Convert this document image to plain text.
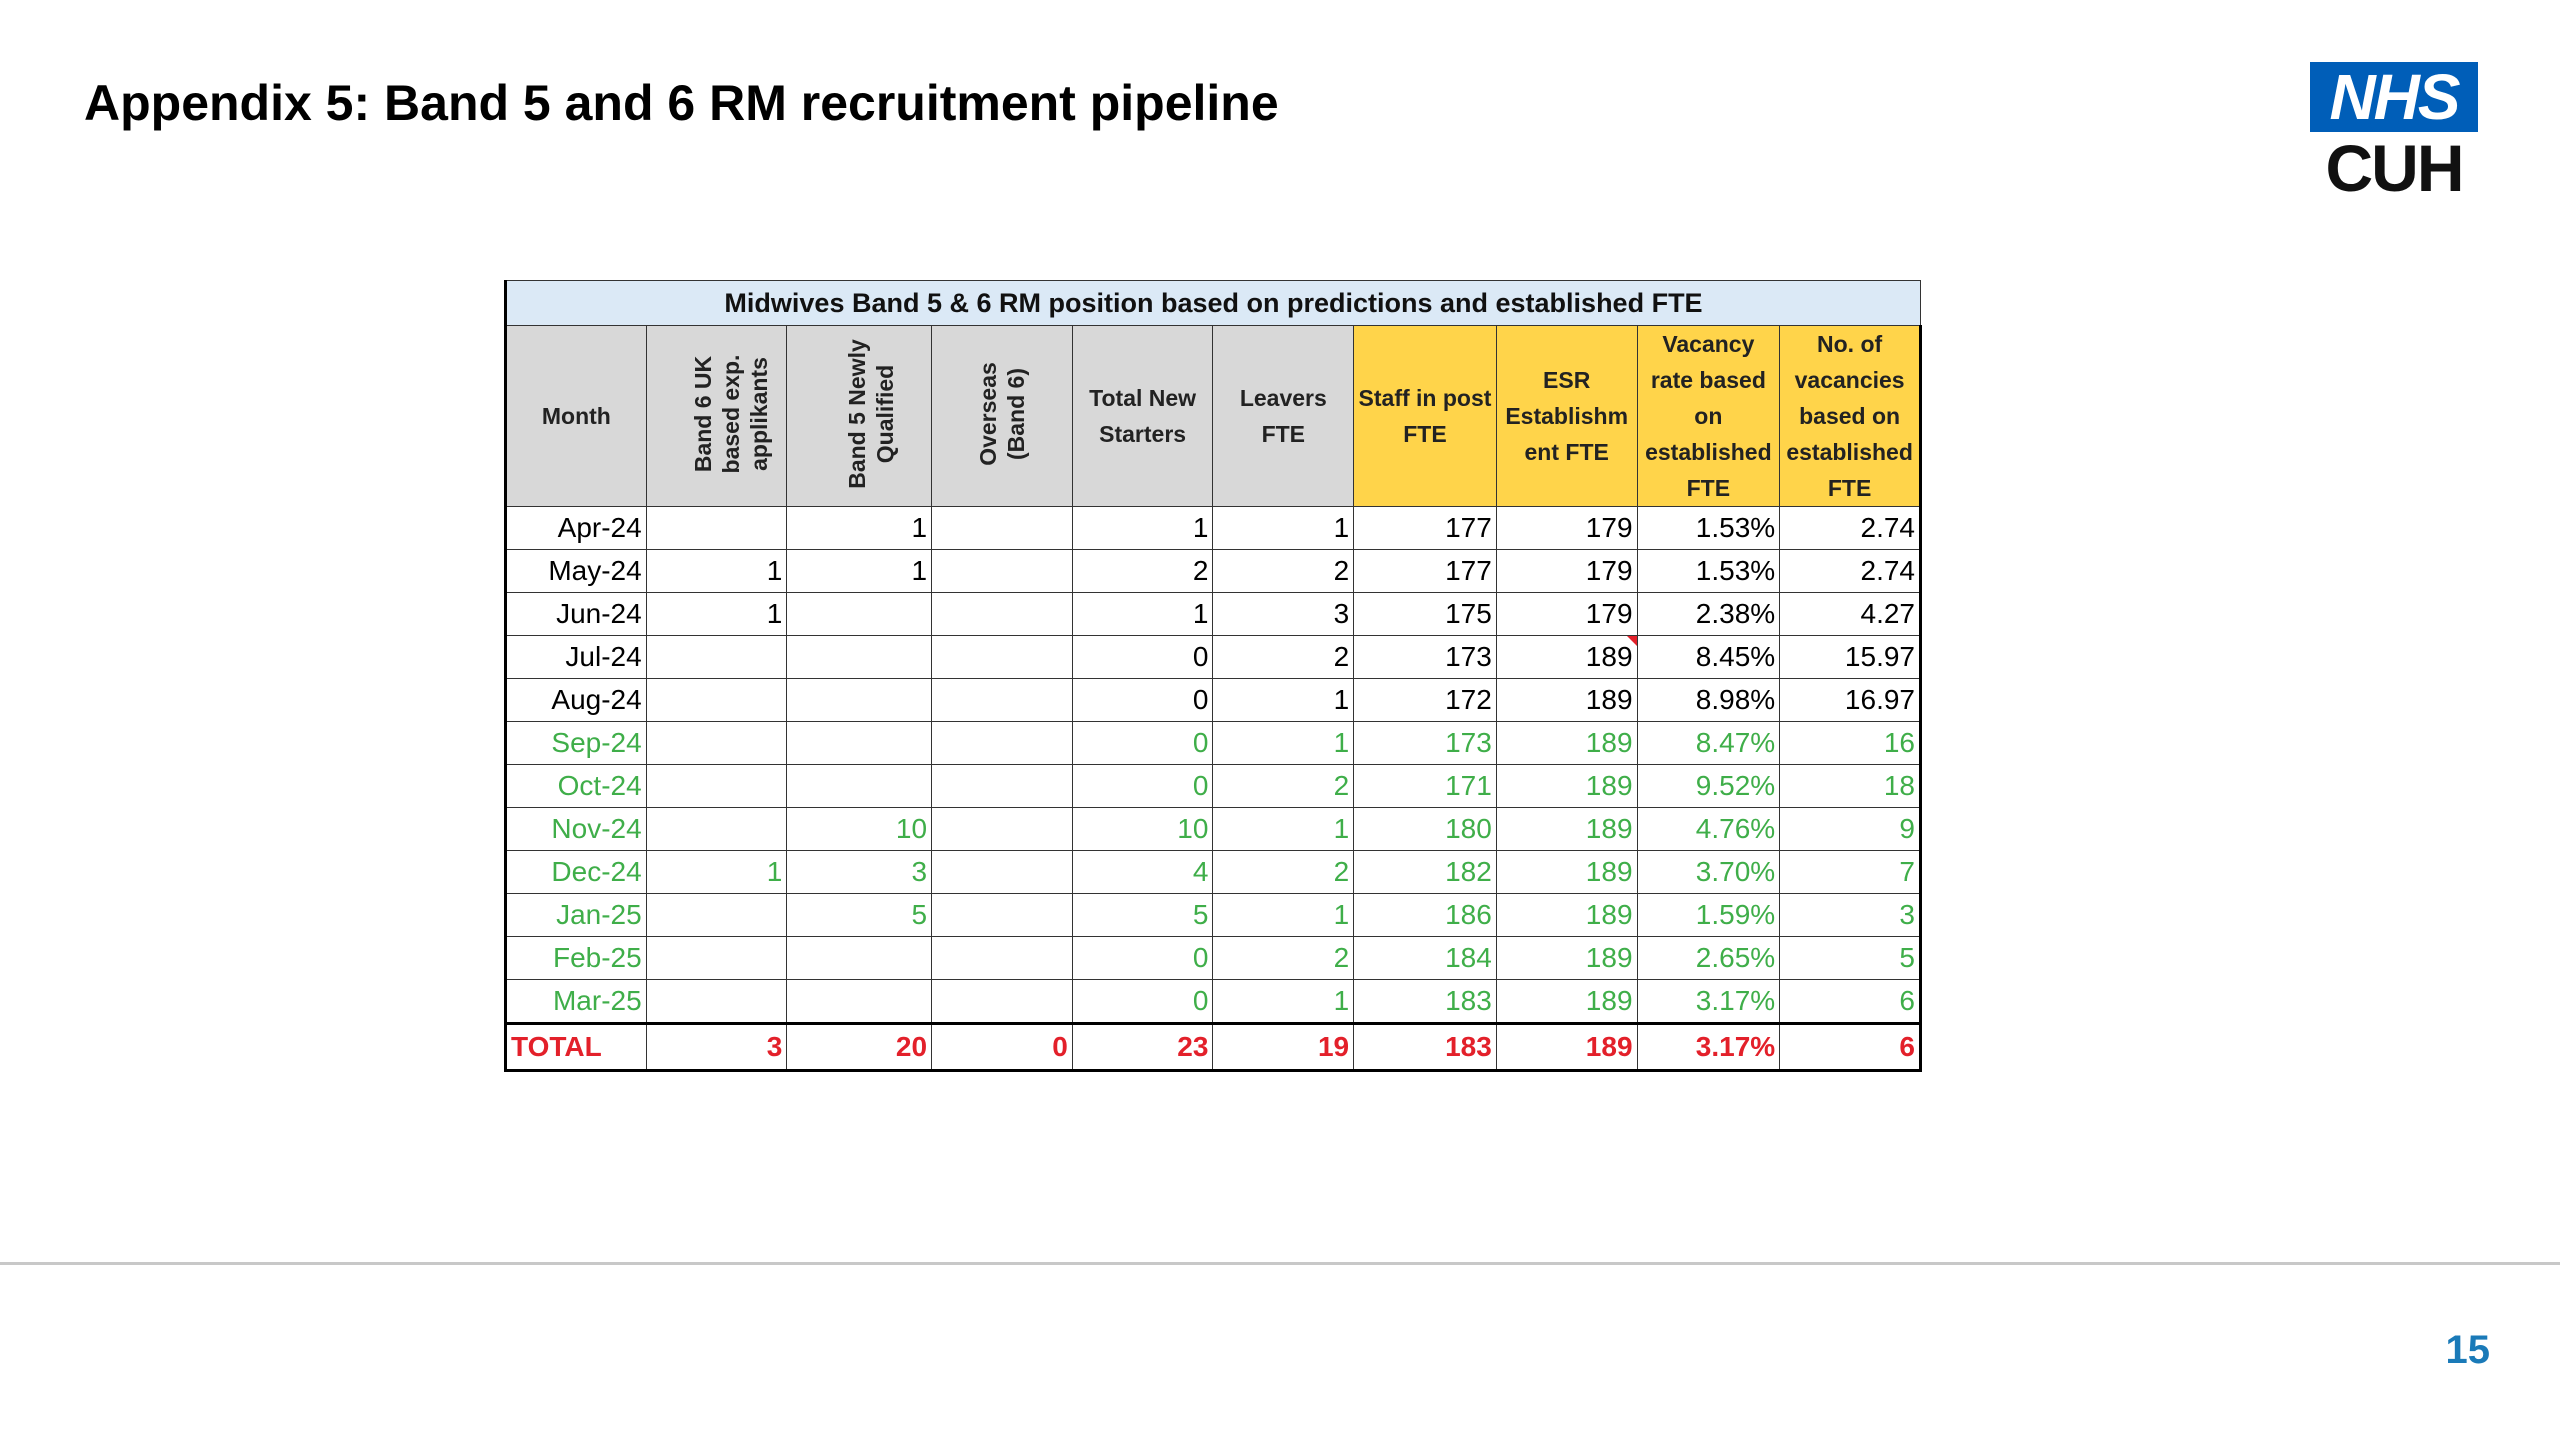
Appendix 5: Band 5 and 6 RM recruitment pipeline	NHS
CUH
Midwives Band 5 & 6 RM position based on predictions and established FTE									
Month	Band 6 UK based exp. applikants	Band 5 Newly Qualified	Overseas (Band 6)	Total New Starters	Leavers FTE	Staff in post FTE	ESR Establishm ent FTE	Vacancy rate based on established FTE	No. of vacancies based on established FTE
Apr-24		1		1	1	177	179	1.53%	2.74
May-24	1	1		2	2	177	179	1.53%	2.74
Jun-24	1			1	3	175	179	2.38%	4.27
Jul-24				0	2	173	189	8.45%	15.97
Aug-24				0	1	172	189	8.98%	16.97
Sep-24				0	1	173	189	8.47%	16
Oct-24				0	2	171	189	9.52%	18
Nov-24		10		10	1	180	189	4.76%	9
Dec-24	1	3		4	2	182	189	3.70%	7
Jan-25		5		5	1	186	189	1.59%	3
Feb-25				0	2	184	189	2.65%	5
Mar-25				0	1	183	189	3.17%	6
TOTAL	3	20	0	23	19	183	189	3.17%	6
15
